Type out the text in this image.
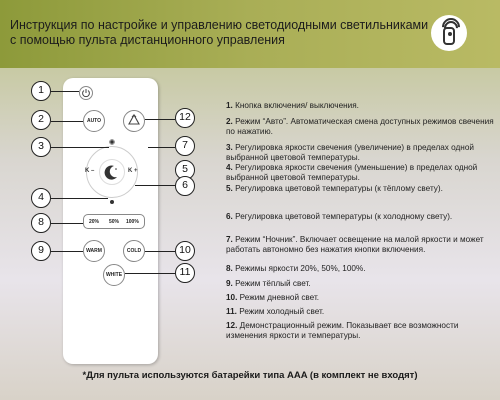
Инструкция по настройке и управлению светодиодными светильниками с помощью пульта дистанционного управления
AUTO
K –	K +
20% 50% 100%
WARM	COLD
WHITE
1
2
3
4
8
9
12
7
5
6
10
11
1. Кнопка включения/ выключения.
2. Режим “Авто”. Автоматическая смена доступных режимов свечения по нажатию.
3. Регулировка яркости свечения (увеличение) в пределах одной выбранной цветовой температуры.
4. Регулировка яркости свечения (уменьшение) в пределах одной выбранной цветовой температуры.
5. Регулировка цветовой температуры (к тёплому свету).
6. Регулировка цветовой температуры (к холодному свету).
7. Режим “Ночник”. Включает освещение на малой яркости и может работать автономно без нажатия кнопки включения.
8. Режимы яркости 20%, 50%, 100%.
9. Режим тёплый свет.
10. Режим дневной свет.
11. Режим холодный свет.
12. Демонстрационный режим. Показывает все возможности изменения яркости и температуры.
*Для пульта используются батарейки типа AAA (в комплект не входят)
